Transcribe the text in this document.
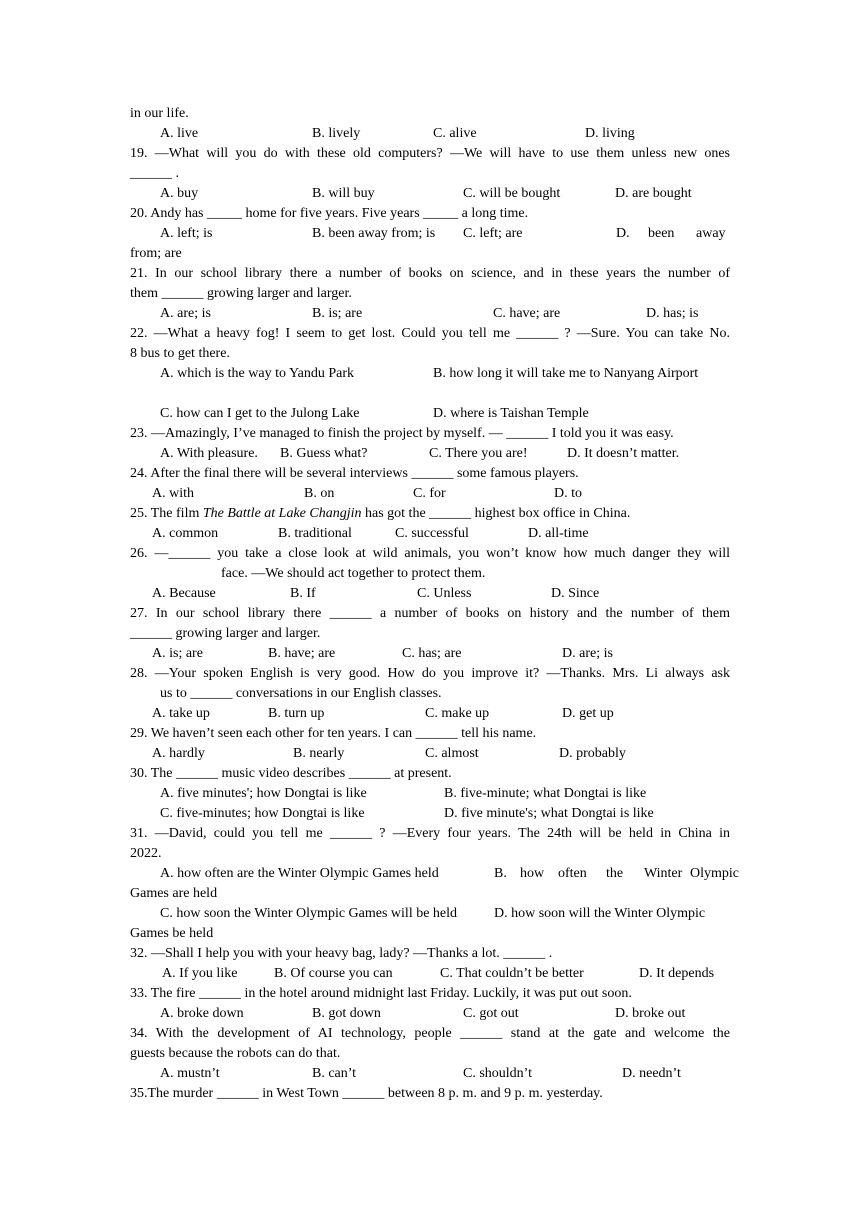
in our life.
A. live	B. lively	C. alive	D. living
19. —What will you do with these old computers? —We will have to use them unless new ones
______ .
A. buy	B. will buy	C. will be bought	D. are bought
20. Andy has _____ home for five years. Five years _____ a long time.
A. left; is	B. been away from; is C. left; are	D. been away
from; are
21. In our school library there a number of books on science, and in these years the number of
them ______ growing larger and larger.
A. are; is	B. is; are	C. have; are	D. has; is
22. —What a heavy fog! I seem to get lost. Could you tell me ______ ? —Sure. You can take No.
8 bus to get there.
A. which is the way to Yandu Park	B. how long it will take me to Nanyang Airport
C. how can I get to the Julong Lake	D. where is Taishan Temple
23. —Amazingly, I’ve managed to finish the project by myself. — ______ I told you it was easy.
A. With pleasure. B. Guess what?	C. There you are!	D. It doesn’t matter.
24. After the final there will be several interviews ______ some famous players.
A. with	B. on	C. for	D. to
25. The film The Battle at Lake Changjin has got the ______ highest box office in China.
A. common	B. traditional	C. successful	D. all-time
26. —______ you take a close look at wild animals, you won’t know how much danger they will
face. —We should act together to protect them.
A. Because	B. If	C. Unless	D. Since
27. In our school library there ______ a number of books on history and the number of them
______ growing larger and larger.
A. is; are	B. have; are	C. has; are	D. are; is
28. —Your spoken English is very good. How do you improve it? —Thanks. Mrs. Li always ask
us to ______ conversations in our English classes.
A. take up	B. turn up	C. make up	D. get up
29. We haven’t seen each other for ten years. I can ______ tell his name.
A. hardly	B. nearly	C. almost	D. probably
30. The ______ music video describes ______ at present.
A. five minutes'; how Dongtai is like	B. five-minute; what Dongtai is like
C. five-minutes; how Dongtai is like	D. five minute's; what Dongtai is like
31. —David, could you tell me ______ ? —Every four years. The 24th will be held in China in
2022.
A. how often are the Winter Olympic Games held	B. how often the Winter Olympic
Games are held
C. how soon the Winter Olympic Games will be held	D. how soon will the Winter Olympic
Games be held
32. —Shall I help you with your heavy bag, lady? —Thanks a lot. ______ .
A. If you like	B. Of course you can	C. That couldn’t be better	D. It depends
33. The fire ______ in the hotel around midnight last Friday. Luckily, it was put out soon.
A. broke down	B. got down	C. got out	D. broke out
34. With the development of AI technology, people ______ stand at the gate and welcome the
guests because the robots can do that.
A. mustn’t	B. can’t	C. shouldn’t	D. needn’t
35.The murder ______ in West Town ______ between 8 p. m. and 9 p. m. yesterday.
